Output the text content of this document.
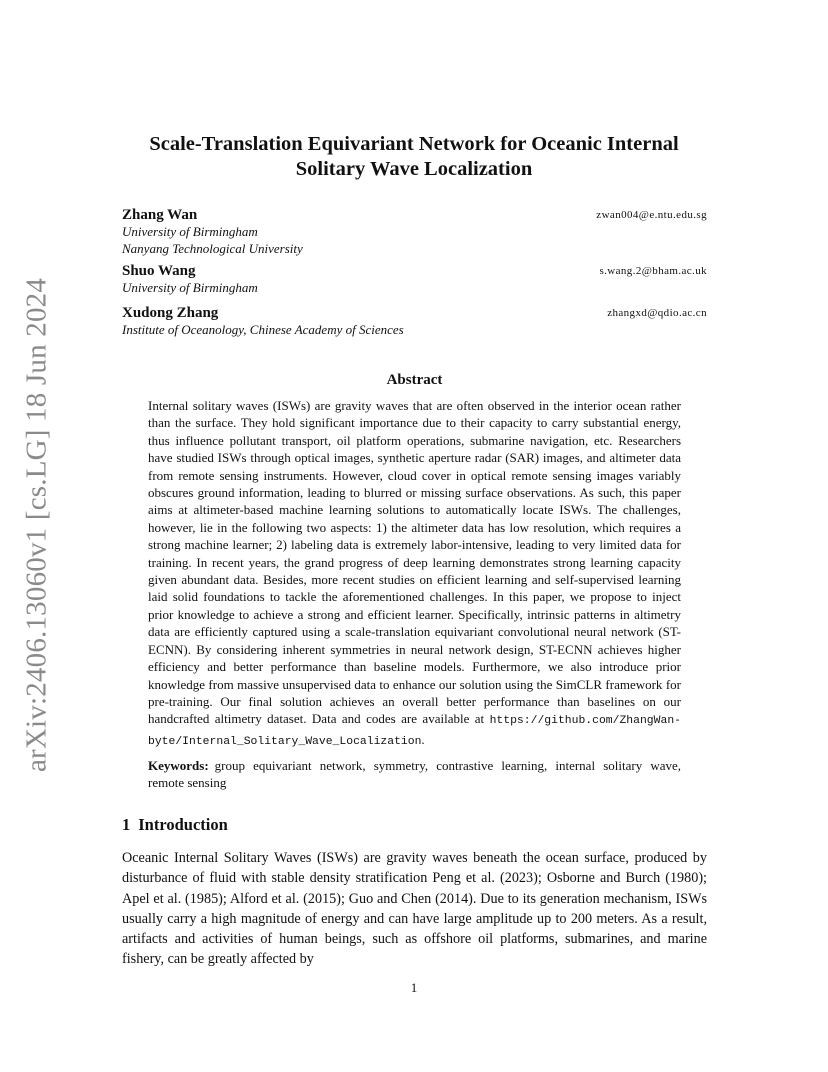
arXiv:2406.13060v1 [cs.LG] 18 Jun 2024
Scale-Translation Equivariant Network for Oceanic Internal
Solitary Wave Localization
Zhang Wan	zwan004@e.ntu.edu.sg
University of Birmingham
Nanyang Technological University
Shuo Wang	s.wang.2@bham.ac.uk
University of Birmingham
Xudong Zhang	zhangxd@qdio.ac.cn
Institute of Oceanology, Chinese Academy of Sciences
Abstract

Internal solitary waves (ISWs) are gravity waves that are often observed in the interior ocean rather than the surface. They hold significant importance due to their capacity to carry substantial energy, thus influence pollutant transport, oil platform operations, submarine navigation, etc. Researchers have studied ISWs through optical images, synthetic aperture radar (SAR) images, and altimeter data from remote sensing instruments. However, cloud cover in optical remote sensing images variably obscures ground information, leading to blurred or missing surface observations. As such, this paper aims at altimeter-based machine learning solutions to automatically locate ISWs. The challenges, however, lie in the following two aspects: 1) the altimeter data has low resolution, which requires a strong machine learner; 2) labeling data is extremely labor-intensive, leading to very limited data for training. In recent years, the grand progress of deep learning demonstrates strong learning capacity given abundant data. Besides, more recent studies on efficient learning and self-supervised learning laid solid foundations to tackle the aforementioned challenges. In this paper, we propose to inject prior knowledge to achieve a strong and efficient learner. Specifically, intrinsic patterns in altimetry data are efficiently captured using a scale-translation equivariant convolutional neural network (ST-ECNN). By considering inherent symmetries in neural network design, ST-ECNN achieves higher efficiency and better performance than baseline models. Furthermore, we also introduce prior knowledge from massive unsupervised data to enhance our solution using the SimCLR framework for pre-training. Our final solution achieves an overall better performance than baselines on our handcrafted altimetry dataset. Data and codes are available at https://github.com/ZhangWan-byte/Internal_Solitary_Wave_Localization.

Keywords: group equivariant network, symmetry, contrastive learning, internal solitary wave, remote sensing

1 Introduction

Oceanic Internal Solitary Waves (ISWs) are gravity waves beneath the ocean surface, produced by disturbance of fluid with stable density stratification Peng et al. (2023); Osborne and Burch (1980); Apel et al. (1985); Alford et al. (2015); Guo and Chen (2014). Due to its generation mechanism, ISWs usually carry a high magnitude of energy and can have large amplitude up to 200 meters. As a result, artifacts and activities of human beings, such as offshore oil platforms, submarines, and marine fishery, can be greatly affected by

1
